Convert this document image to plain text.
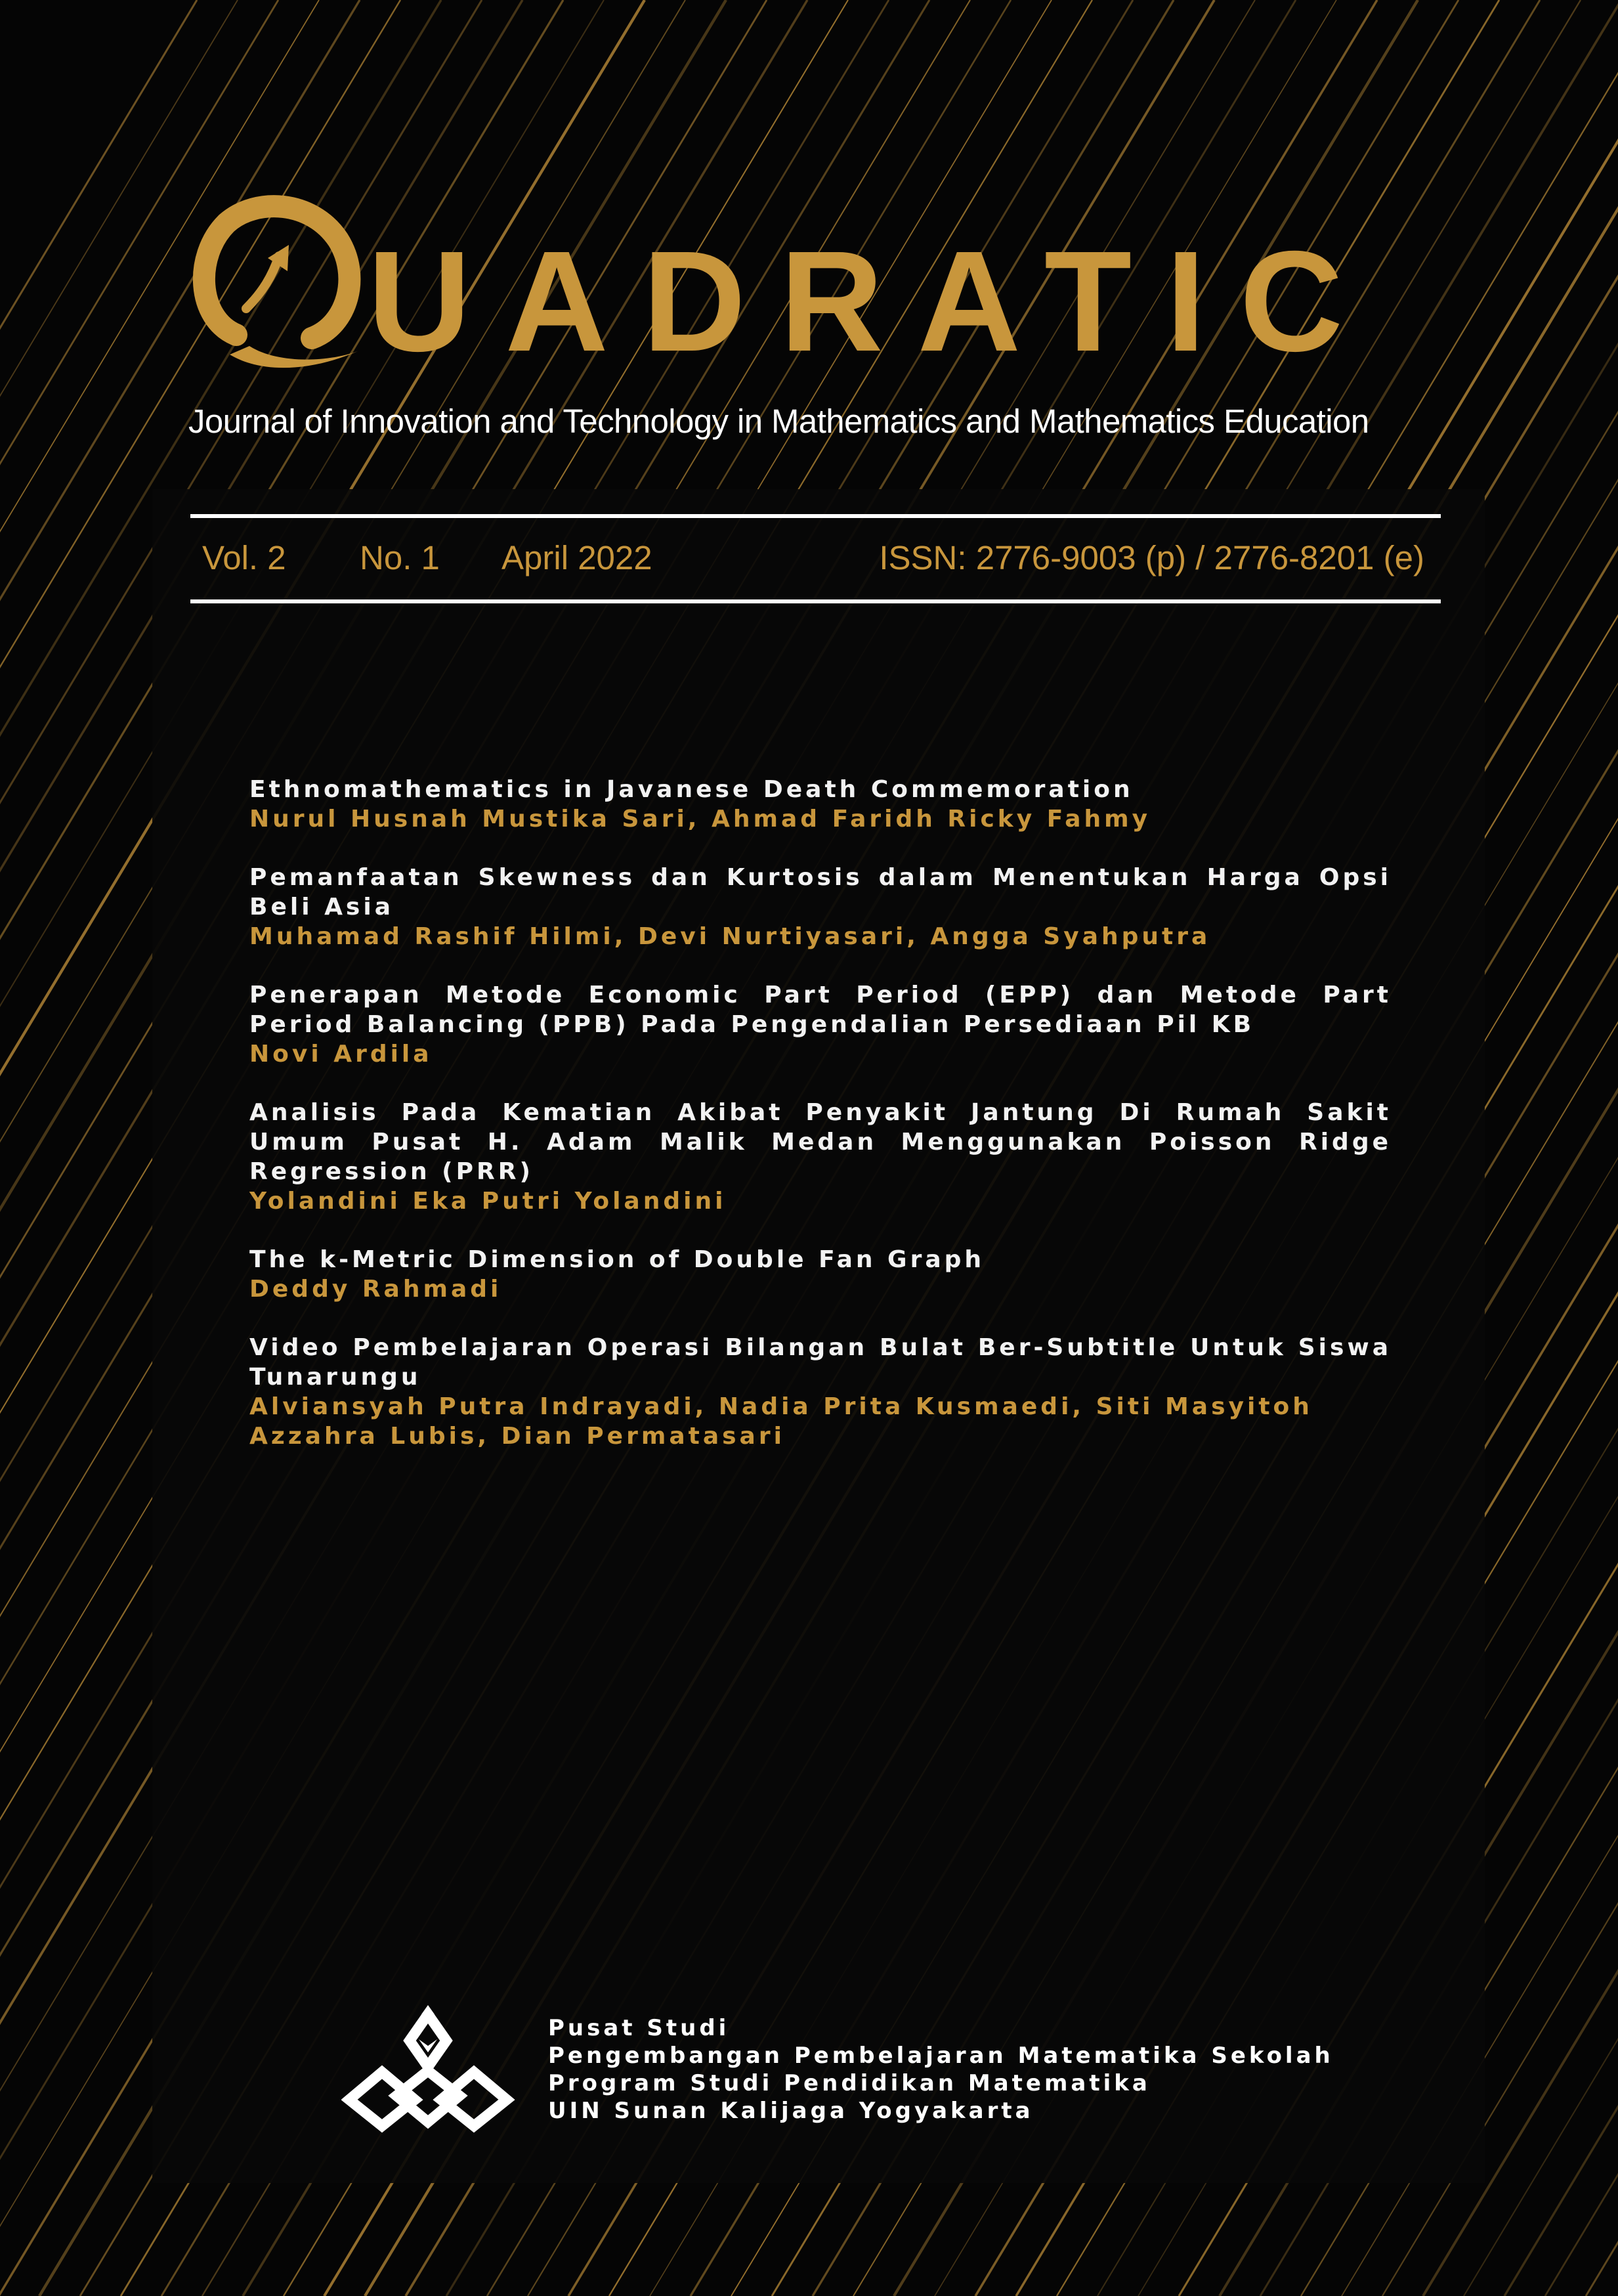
UADRATIC
Journal of Innovation and Technology in Mathematics and Mathematics Education
Vol. 2 No. 1 April 2022	ISSN: 2776-9003 (p) / 2776-8201 (e)
Ethnomathematics in Javanese Death Commemoration
Nurul Husnah Mustika Sari, Ahmad Faridh Ricky Fahmy
Pemanfaatan Skewness dan Kurtosis dalam Menentukan Harga Opsi Beli Asia
Muhamad Rashif Hilmi, Devi Nurtiyasari, Angga Syahputra
Penerapan Metode Economic Part Period (EPP) dan Metode Part Period Balancing (PPB) Pada Pengendalian Persediaan Pil KB
Novi Ardila
Analisis Pada Kematian Akibat Penyakit Jantung Di Rumah Sakit Umum Pusat H. Adam Malik Medan Menggunakan Poisson Ridge Regression (PRR)
Yolandini Eka Putri Yolandini
The k-Metric Dimension of Double Fan Graph
Deddy Rahmadi
Video Pembelajaran Operasi Bilangan Bulat Ber-Subtitle Untuk Siswa Tunarungu
Alviansyah Putra Indrayadi, Nadia Prita Kusmaedi, Siti Masyitoh Azzahra Lubis, Dian Permatasari
Pusat Studi
Pengembangan Pembelajaran Matematika Sekolah
Program Studi Pendidikan Matematika
UIN Sunan Kalijaga Yogyakarta
